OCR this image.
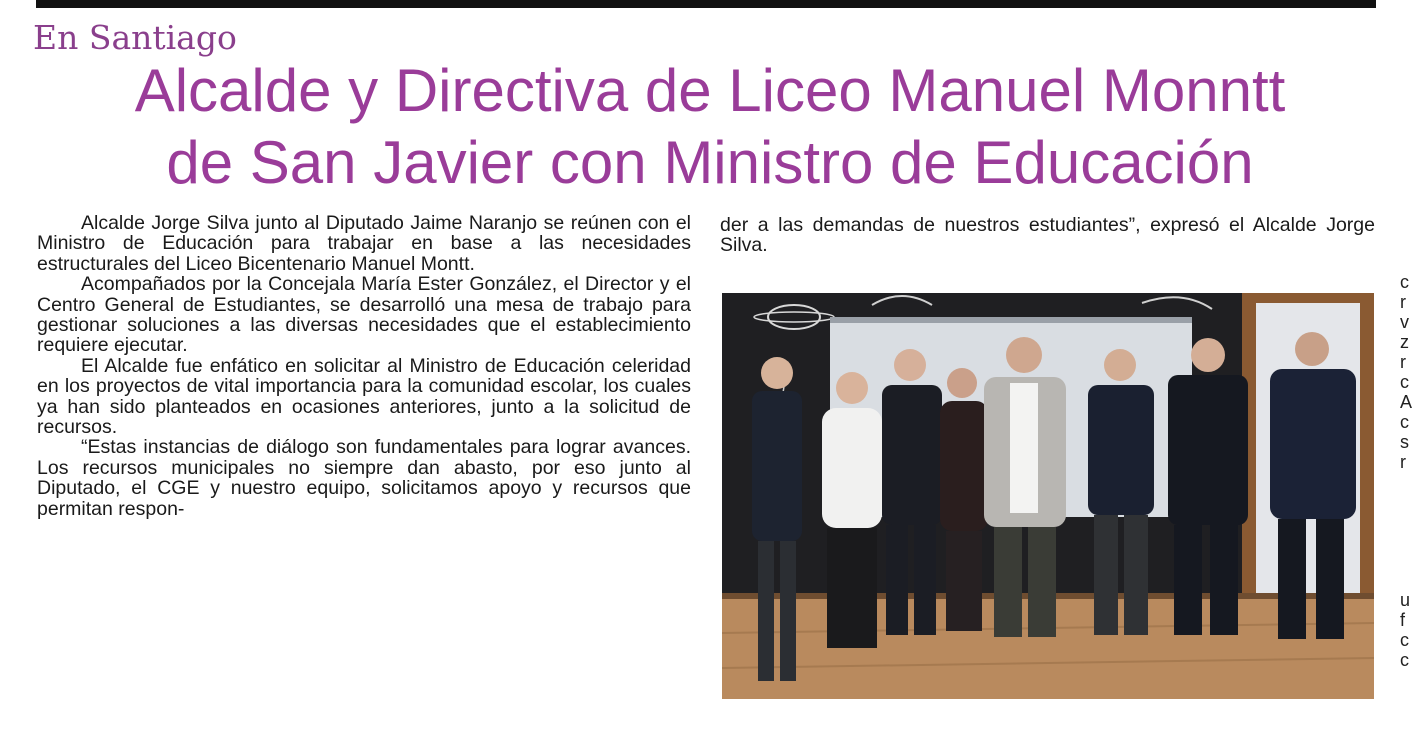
En Santiago
Alcalde y Directiva de Liceo Manuel Monntt
de San Javier con Ministro de Educación

Alcalde Jorge Silva junto al Diputado Jaime Naranjo se reúnen con el Ministro de Educación para trabajar en base a las necesidades estructurales del Liceo Bicentenario Manuel Montt.

Acompañados por la Concejala María Ester González, el Director y el Centro General de Estudiantes, se desarrolló una mesa de trabajo para gestionar soluciones a las diversas necesidades que el establecimiento requiere ejecutar.

El Alcalde fue enfático en solicitar al Ministro de Educación celeridad en los proyectos de vital importancia para la comunidad escolar, los cuales ya han sido planteados en ocasiones anteriores, junto a la solicitud de recursos.

“Estas instancias de diálogo son fundamentales para lograr avances. Los recursos municipales no siempre dan abasto, por eso junto al Diputado, el CGE y nuestro equipo, solicitamos apoyo y recursos que permitan respon-

der a las demandas de nuestros estudiantes”, expresó el Alcalde Jorge Silva.

c
r
v
z
r
c
A
c
s
r
u
f
c
c
